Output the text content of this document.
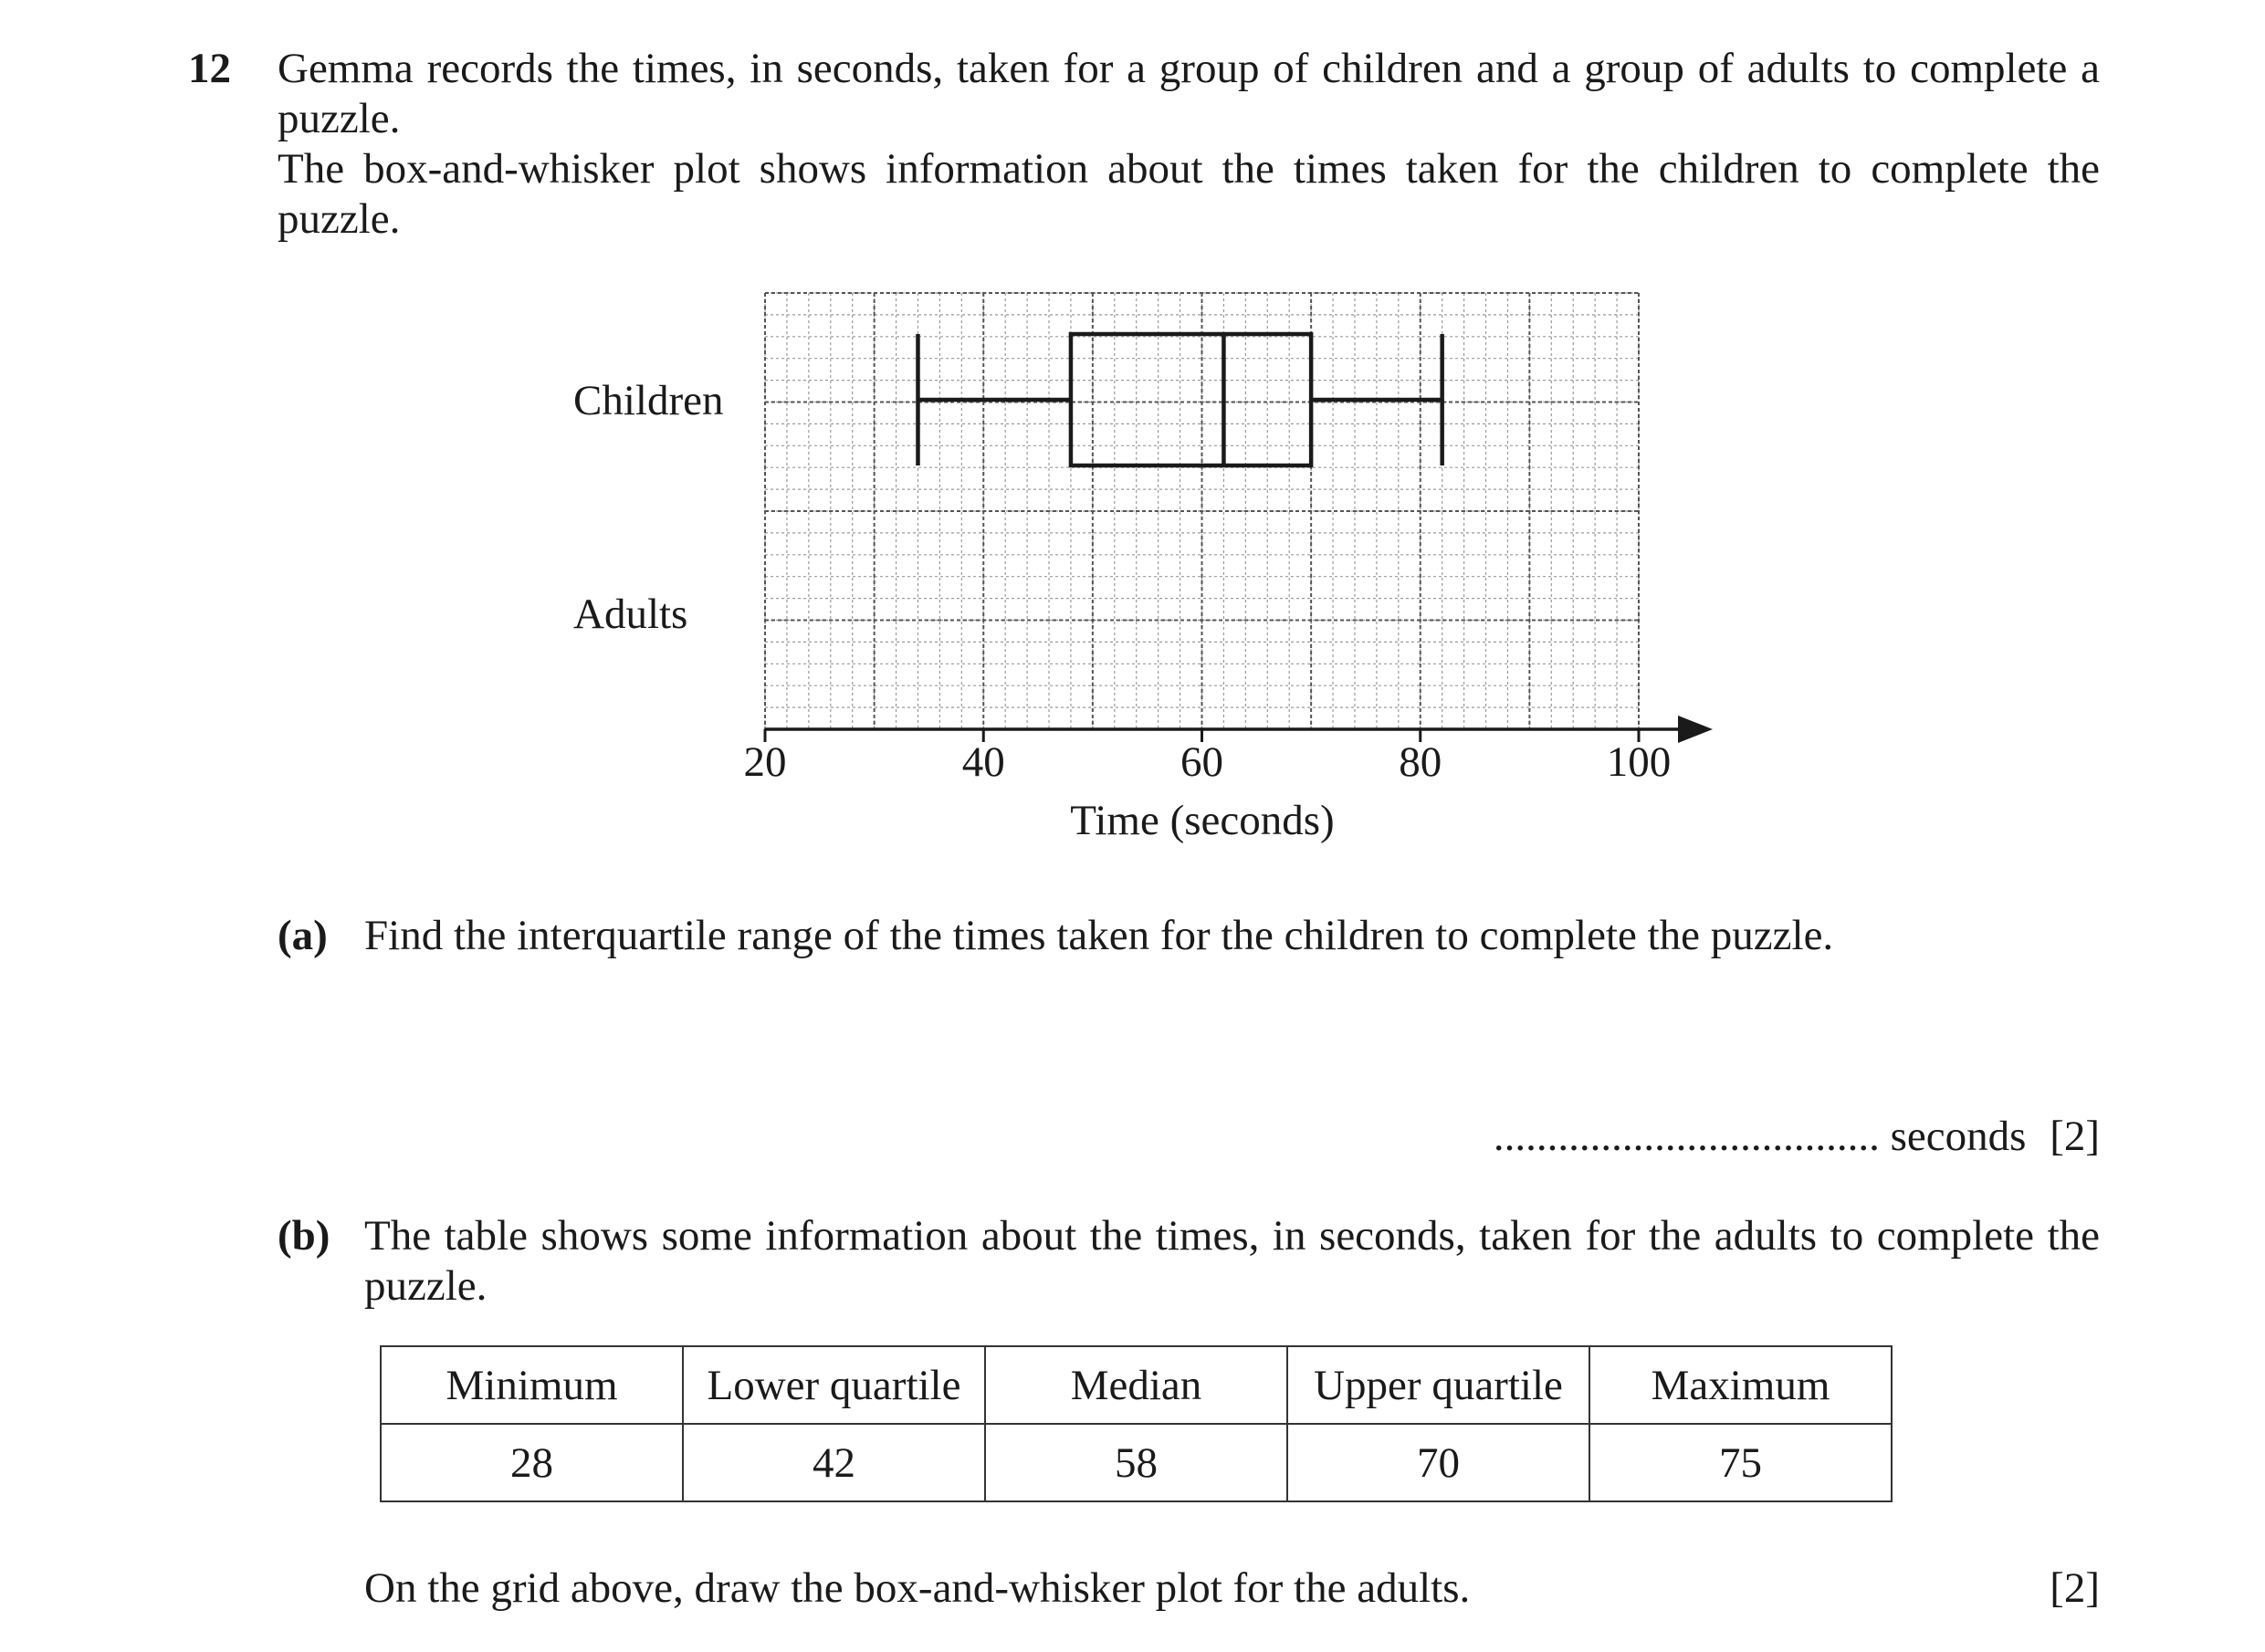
12 Gemma records the times, in seconds, taken for a group of children and a group of adults to complete a
puzzle.
The box-and-whisker plot shows information about the times taken for the children to complete the
puzzle.
Children
Adults
20	40	60	80	100
Time (seconds)
(a) Find the interquartile range of the times taken for the children to complete the puzzle.
.................................... seconds [2]
(b) The table shows some information about the times, in seconds, taken for the adults to complete the
puzzle.
Minimum	Lower quartile	Median	Upper quartile	Maximum
28	42	58	70	75
On the grid above, draw the box-and-whisker plot for the adults.	[2]
